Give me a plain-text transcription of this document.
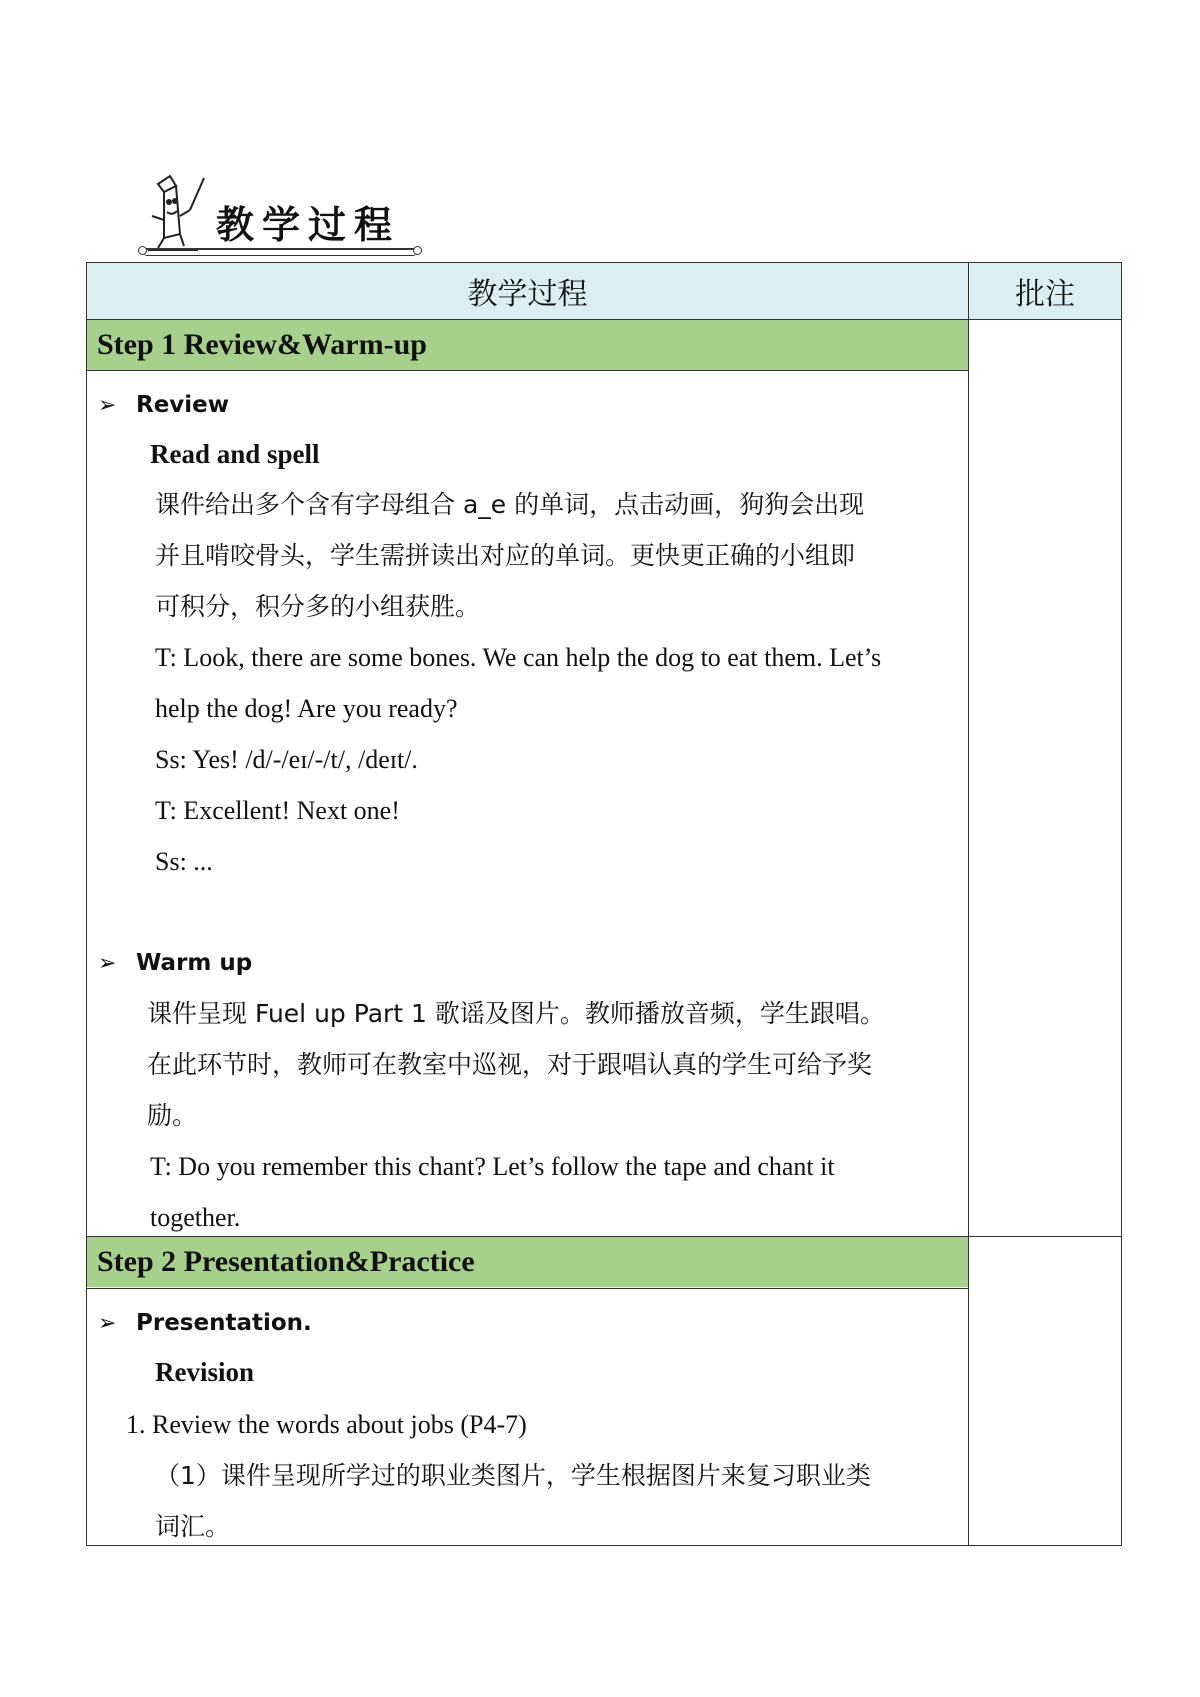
教学过程
教学过程	批注
Step 1 Review&Warm-up
➢ Review
Read and spell
课件给出多个含有字母组合 a_e 的单词，点击动画，狗狗会出现
并且啃咬骨头，学生需拼读出对应的单词。更快更正确的小组即
可积分，积分多的小组获胜。
T: Look, there are some bones. We can help the dog to eat them. Let’s
help the dog! Are you ready?
Ss: Yes! /d/-/eɪ/-/t/, /deɪt/.
T: Excellent! Next one!
Ss: ...
➢ Warm up
课件呈现 Fuel up Part 1 歌谣及图片。教师播放音频，学生跟唱。
在此环节时，教师可在教室中巡视，对于跟唱认真的学生可给予奖
励。
T: Do you remember this chant? Let’s follow the tape and chant it
together.
Step 2 Presentation&Practice
➢ Presentation.
Revision
1. Review the words about jobs (P4-7)
（1）课件呈现所学过的职业类图片，学生根据图片来复习职业类
词汇。
